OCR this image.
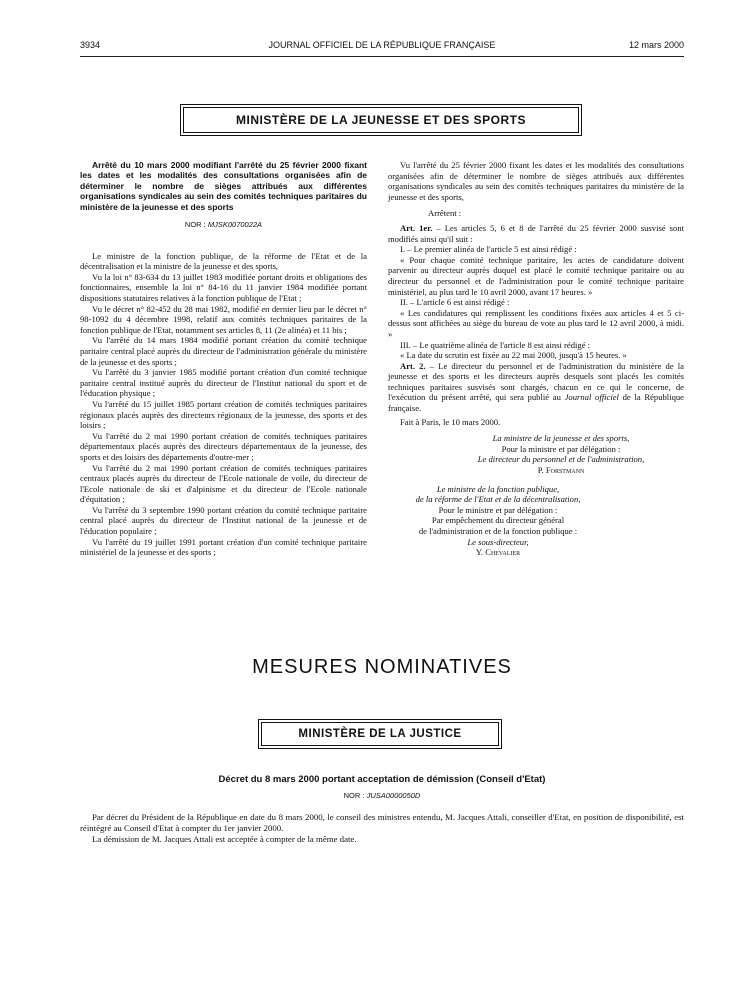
3934	JOURNAL OFFICIEL DE LA RÉPUBLIQUE FRANÇAISE	12 mars 2000
MINISTÈRE DE LA JEUNESSE ET DES SPORTS

Arrêté du 10 mars 2000 modifiant l'arrêté du 25 février 2000 fixant les dates et les modalités des consultations organisées afin de déterminer le nombre de sièges attribués aux différentes organisations syndicales au sein des comités techniques paritaires du ministère de la jeunesse et des sports

NOR : MJSK0070022A

Le ministre de la fonction publique, de la réforme de l'Etat et de la décentralisation et la ministre de la jeunesse et des sports,

Vu la loi n° 83-634 du 13 juillet 1983 modifiée portant droits et obligations des fonctionnaires, ensemble la loi n° 84-16 du 11 janvier 1984 modifiée portant dispositions statutaires relatives à la fonction publique de l'Etat ;

Vu le décret n° 82-452 du 28 mai 1982, modifié en dernier lieu par le décret n° 98-1092 du 4 décembre 1998, relatif aux comités techniques paritaires de la fonction publique de l'Etat, notamment ses articles 8, 11 (2e alinéa) et 11 bis ;

Vu l'arrêté du 14 mars 1984 modifié portant création du comité technique paritaire central placé auprès du directeur de l'administration générale du ministère de la jeunesse et des sports ;

Vu l'arrêté du 3 janvier 1985 modifié portant création d'un comité technique paritaire central institué auprès du directeur de l'Institut national du sport et de l'éducation physique ;

Vu l'arrêté du 15 juillet 1985 portant création de comités techniques paritaires régionaux placés auprès des directeurs régionaux de la jeunesse, des sports et des loisirs ;

Vu l'arrêté du 2 mai 1990 portant création de comités techniques paritaires départementaux placés auprès des directeurs départementaux de la jeunesse, des sports et des loisirs des départements d'outre-mer ;

Vu l'arrêté du 2 mai 1990 portant création de comités techniques paritaires centraux placés auprès du directeur de l'Ecole nationale de voile, du directeur de l'Ecole nationale de ski et d'alpinisme et du directeur de l'Ecole nationale d'équitation ;

Vu l'arrêté du 3 septembre 1990 portant création du comité technique paritaire central placé auprès du directeur de l'Institut national de la jeunesse et de l'éducation populaire ;

Vu l'arrêté du 19 juillet 1991 portant création d'un comité technique paritaire ministériel de la jeunesse et des sports ;

Vu l'arrêté du 25 février 2000 fixant les dates et les modalités des consultations organisées afin de déterminer le nombre de sièges attribués aux différentes organisations syndicales au sein des comités techniques paritaires du ministère de la jeunesse et des sports,

Arrêtent :

Art. 1er. – Les articles 5, 6 et 8 de l'arrêté du 25 février 2000 susvisé sont modifiés ainsi qu'il suit :

I. – Le premier alinéa de l'article 5 est ainsi rédigé :

« Pour chaque comité technique paritaire, les actes de candidature doivent parvenir au directeur auprès duquel est placé le comité technique paritaire ou au directeur du personnel et de l'administration pour le comité technique paritaire ministériel, au plus tard le 10 avril 2000, avant 17 heures. »

II. – L'article 6 est ainsi rédigé :

« Les candidatures qui remplissent les conditions fixées aux articles 4 et 5 ci-dessus sont affichées au siège du bureau de vote au plus tard le 12 avril 2000, à midi. »

III. – Le quatrième alinéa de l'article 8 est ainsi rédigé :

« La date du scrutin est fixée au 22 mai 2000, jusqu'à 15 heures. »

Art. 2. – Le directeur du personnel et de l'administration du ministère de la jeunesse et des sports et les directeurs auprès desquels sont placés les comités techniques paritaires susvisés sont chargés, chacun en ce qui le concerne, de l'exécution du présent arrêté, qui sera publié au Journal officiel de la République française.

Fait à Paris, le 10 mars 2000.

La ministre de la jeunesse et des sports,

Pour la ministre et par délégation :

Le directeur du personnel et de l'administration,

P. Forstmann

Le ministre de la fonction publique,

de la réforme de l'Etat et de la décentralisation,

Pour le ministre et par délégation :

Par empêchement du directeur général

de l'administration et de la fonction publique :

Le sous-directeur,

Y. Chevalier

MESURES NOMINATIVES
MINISTÈRE DE LA JUSTICE
Décret du 8 mars 2000 portant acceptation de démission (Conseil d'Etat)
NOR : JUSA0000050D

Par décret du Président de la République en date du 8 mars 2000, le conseil des ministres entendu, M. Jacques Attali, conseiller d'Etat, en position de disponibilité, est réintégré au Conseil d'Etat à compter du 1er janvier 2000.

La démission de M. Jacques Attali est acceptée à compter de la même date.
